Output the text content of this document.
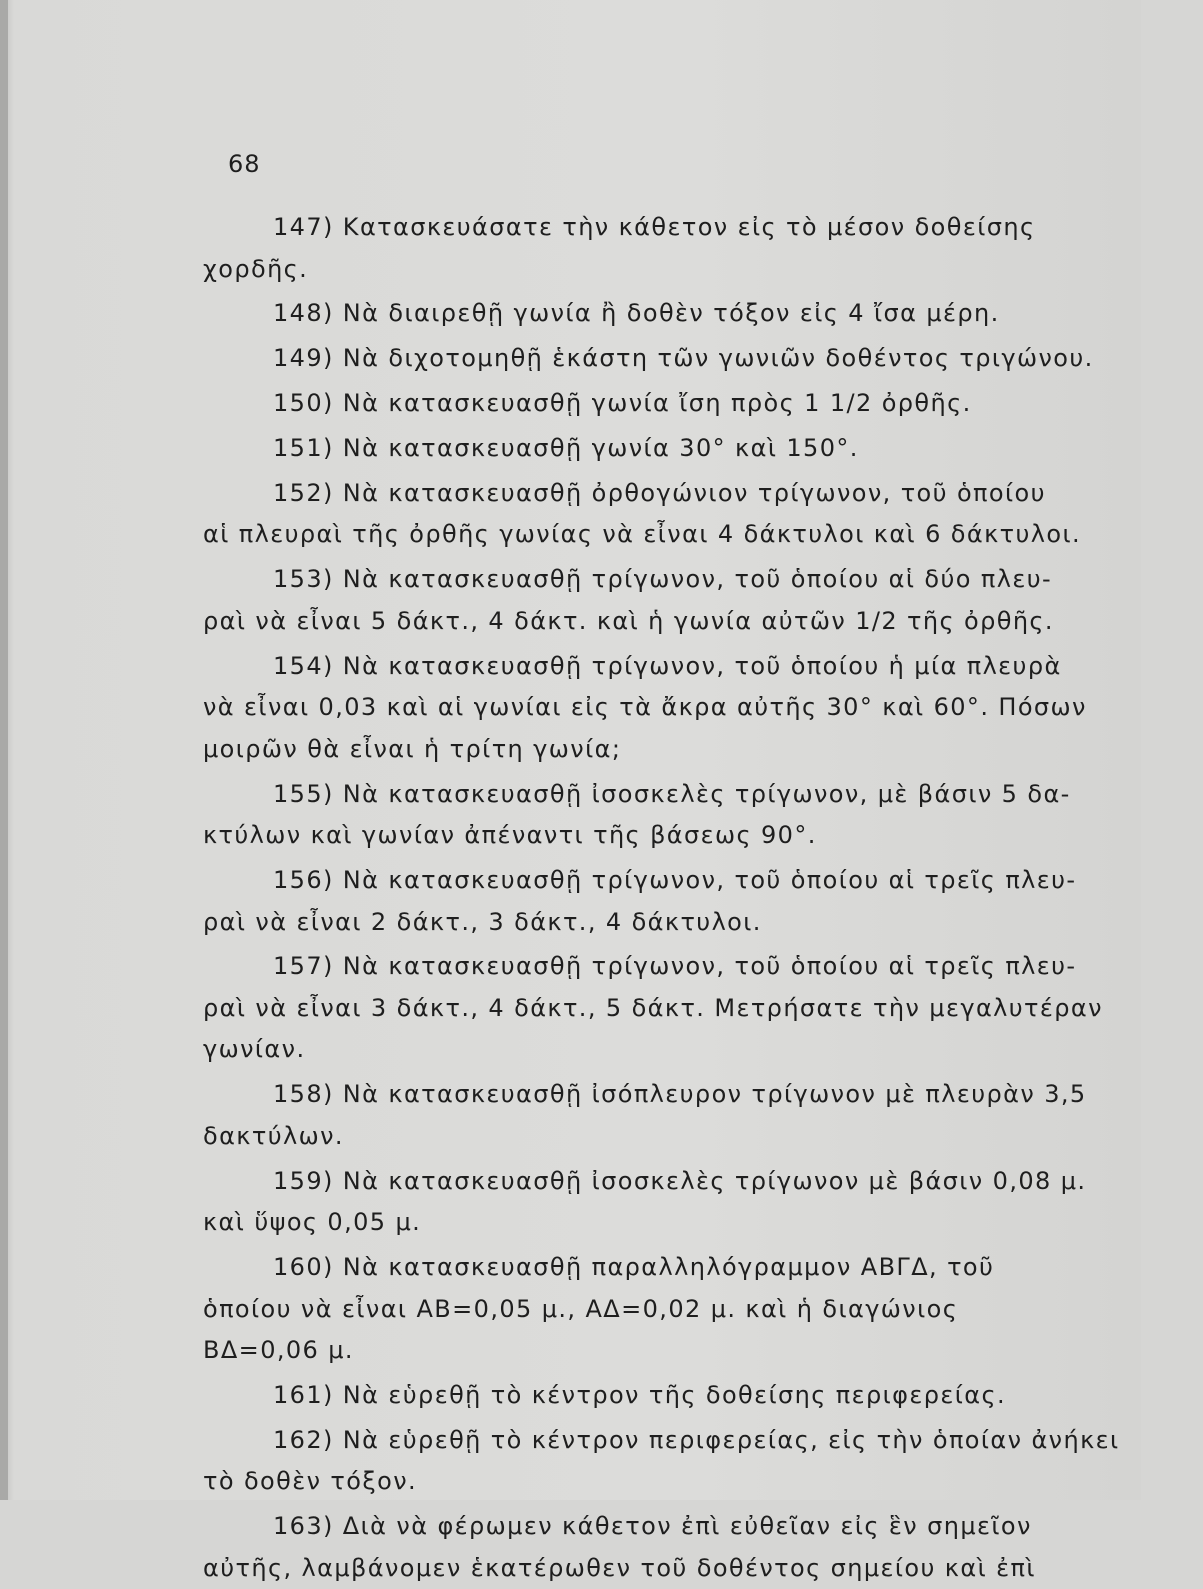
68

147) Κατασκευάσατε τὴν κάθετον εἰς τὸ μέσον δοθείσης
χορδῆς.

148) Νὰ διαιρεθῇ γωνία ἢ δοθὲν τόξον εἰς 4 ἴσα μέρη.

149) Νὰ διχοτομηθῇ ἑκάστη τῶν γωνιῶν δοθέντος τριγώνου.

150) Νὰ κατασκευασθῇ γωνία ἴση πρὸς 1 1/2 ὀρθῆς.

151) Νὰ κατασκευασθῇ γωνία 30° καὶ 150°.

152) Νὰ κατασκευασθῇ ὀρθογώνιον τρίγωνον, τοῦ ὁποίου
αἱ πλευραὶ τῆς ὀρθῆς γωνίας νὰ εἶναι 4 δάκτυλοι καὶ 6 δάκτυλοι.

153) Νὰ κατασκευασθῇ τρίγωνον, τοῦ ὁποίου αἱ δύο πλευ-
ραὶ νὰ εἶναι 5 δάκτ., 4 δάκτ. καὶ ἡ γωνία αὐτῶν 1/2 τῆς ὀρθῆς.

154) Νὰ κατασκευασθῇ τρίγωνον, τοῦ ὁποίου ἡ μία πλευρὰ
νὰ εἶναι 0,03 καὶ αἱ γωνίαι εἰς τὰ ἄκρα αὐτῆς 30° καὶ 60°. Πόσων
μοιρῶν θὰ εἶναι ἡ τρίτη γωνία;

155) Νὰ κατασκευασθῇ ἰσοσκελὲς τρίγωνον, μὲ βάσιν 5 δα-
κτύλων καὶ γωνίαν ἀπέναντι τῆς βάσεως 90°.

156) Νὰ κατασκευασθῇ τρίγωνον, τοῦ ὁποίου αἱ τρεῖς πλευ-
ραὶ νὰ εἶναι 2 δάκτ., 3 δάκτ., 4 δάκτυλοι.

157) Νὰ κατασκευασθῇ τρίγωνον, τοῦ ὁποίου αἱ τρεῖς πλευ-
ραὶ νὰ εἶναι 3 δάκτ., 4 δάκτ., 5 δάκτ. Μετρήσατε τὴν μεγαλυτέραν
γωνίαν.

158) Νὰ κατασκευασθῇ ἰσόπλευρον τρίγωνον μὲ πλευρὰν 3,5
δακτύλων.

159) Νὰ κατασκευασθῇ ἰσοσκελὲς τρίγωνον μὲ βάσιν 0,08 μ.
καὶ ὕψος 0,05 μ.

160) Νὰ κατασκευασθῇ παραλληλόγραμμον ΑΒΓΔ, τοῦ
ὁποίου νὰ εἶναι ΑΒ=0,05 μ., ΑΔ=0,02 μ. καὶ ἡ διαγώνιος
ΒΔ=0,06 μ.

161) Νὰ εὑρεθῇ τὸ κέντρον τῆς δοθείσης περιφερείας.

162) Νὰ εὑρεθῇ τὸ κέντρον περιφερείας, εἰς τὴν ὁποίαν ἀνήκει
τὸ δοθὲν τόξον.

163) Διὰ νὰ φέρωμεν κάθετον ἐπὶ εὐθεῖαν εἰς ἓν σημεῖον
αὐτῆς, λαμβάνομεν ἑκατέρωθεν τοῦ δοθέντος σημείου καὶ ἐπὶ
